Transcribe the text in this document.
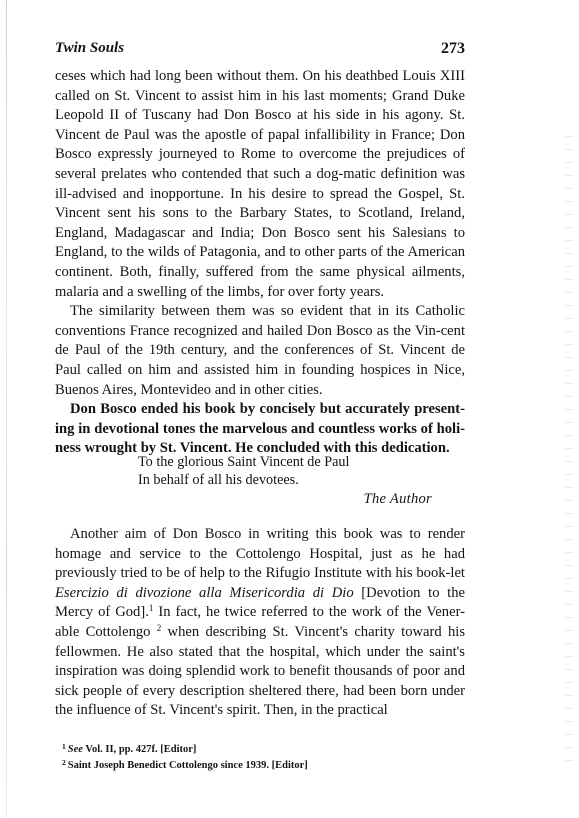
Twin Souls	273

ceses which had long been without them. On his deathbed Louis XIII called on St. Vincent to assist him in his last moments; Grand Duke Leopold II of Tuscany had Don Bosco at his side in his agony. St. Vincent de Paul was the apostle of papal infallibility in France; Don Bosco expressly journeyed to Rome to overcome the prejudices of several prelates who contended that such a dog-matic definition was ill-advised and inopportune. In his desire to spread the Gospel, St. Vincent sent his sons to the Barbary States, to Scotland, Ireland, England, Madagascar and India; Don Bosco sent his Salesians to England, to the wilds of Patagonia, and to other parts of the American continent. Both, finally, suffered from the same physical ailments, malaria and a swelling of the limbs, for over forty years.

The similarity between them was so evident that in its Catholic conventions France recognized and hailed Don Bosco as the Vin-cent de Paul of the 19th century, and the conferences of St. Vincent de Paul called on him and assisted him in founding hospices in Nice, Buenos Aires, Montevideo and in other cities.

Don Bosco ended his book by concisely but accurately present-ing in devotional tones the marvelous and countless works of holi-ness wrought by St. Vincent. He concluded with this dedication.

To the glorious Saint Vincent de Paul
In behalf of all his devotees.
The Author

Another aim of Don Bosco in writing this book was to render homage and service to the Cottolengo Hospital, just as he had previously tried to be of help to the Rifugio Institute with his book-let Esercizio di divozione alla Misericordia di Dio [Devotion to the Mercy of God].$^1$ In fact, he twice referred to the work of the Vener-able Cottolengo $^2$ when describing St. Vincent's charity toward his fellowmen. He also stated that the hospital, which under the saint's inspiration was doing splendid work to benefit thousands of poor and sick people of every description sheltered there, had been born under the influence of St. Vincent's spirit. Then, in the practical

$^1$ See Vol. II, pp. 427f. [Editor]
$^2$ Saint Joseph Benedict Cottolengo since 1939. [Editor]
